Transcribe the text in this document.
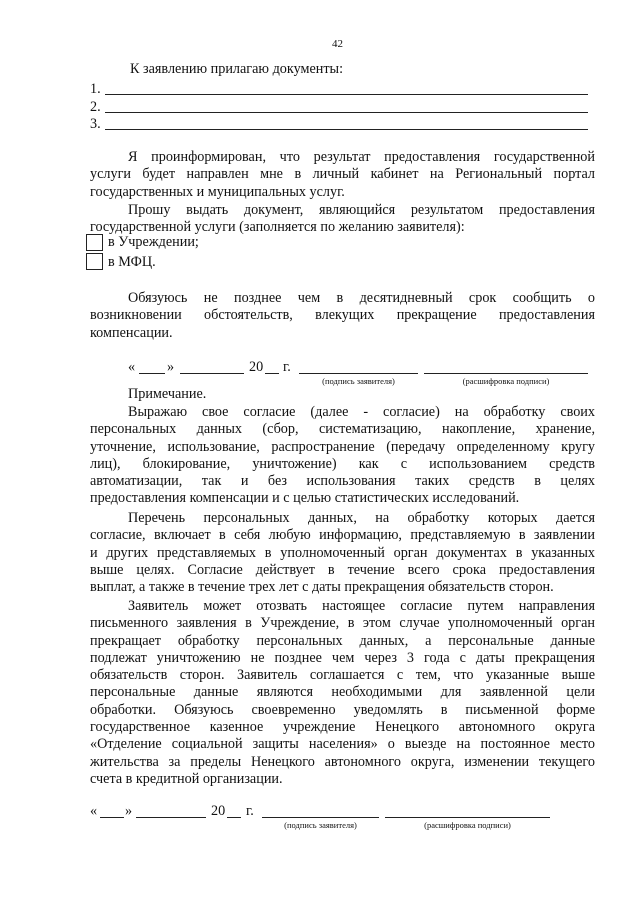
42
К заявлению прилагаю документы:
1.
2.
3.
Я проинформирован, что результат предоставления государственной
услуги будет направлен мне в личный кабинет на Региональный портал
государственных и муниципальных услуг.
Прошу выдать документ, являющийся результатом предоставления
государственной услуги (заполняется по желанию заявителя):
в Учреждении;
в МФЦ.
Обязуюсь не позднее чем в десятидневный срок сообщить о
возникновении обстоятельств, влекущих прекращение предоставления
компенсации.
« »	20 г.
(подпись заявителя)	(расшифровка подписи)
Примечание.
Выражаю свое согласие (далее - согласие) на обработку своих
персональных данных (сбор, систематизацию, накопление, хранение,
уточнение, использование, распространение (передачу определенному кругу
лиц), блокирование, уничтожение) как с использованием средств
автоматизации, так и без использования таких средств в целях
предоставления компенсации и с целью статистических исследований.
Перечень персональных данных, на обработку которых дается
согласие, включает в себя любую информацию, представляемую в заявлении
и других представляемых в уполномоченный орган документах в указанных
выше целях. Согласие действует в течение всего срока предоставления
выплат, а также в течение трех лет с даты прекращения обязательств сторон.
Заявитель может отозвать настоящее согласие путем направления
письменного заявления в Учреждение, в этом случае уполномоченный орган
прекращает обработку персональных данных, а персональные данные
подлежат уничтожению не позднее чем через 3 года с даты прекращения
обязательств сторон. Заявитель соглашается с тем, что указанные выше
персональные данные являются необходимыми для заявленной цели
обработки. Обязуюсь своевременно уведомлять в письменной форме
государственное казенное учреждение Ненецкого автономного округа
«Отделение социальной защиты населения» о выезде на постоянное место
жительства за пределы Ненецкого автономного округа, изменении текущего
счета в кредитной организации.
« »	20 г.
(подпись заявителя)	(расшифровка подписи)
